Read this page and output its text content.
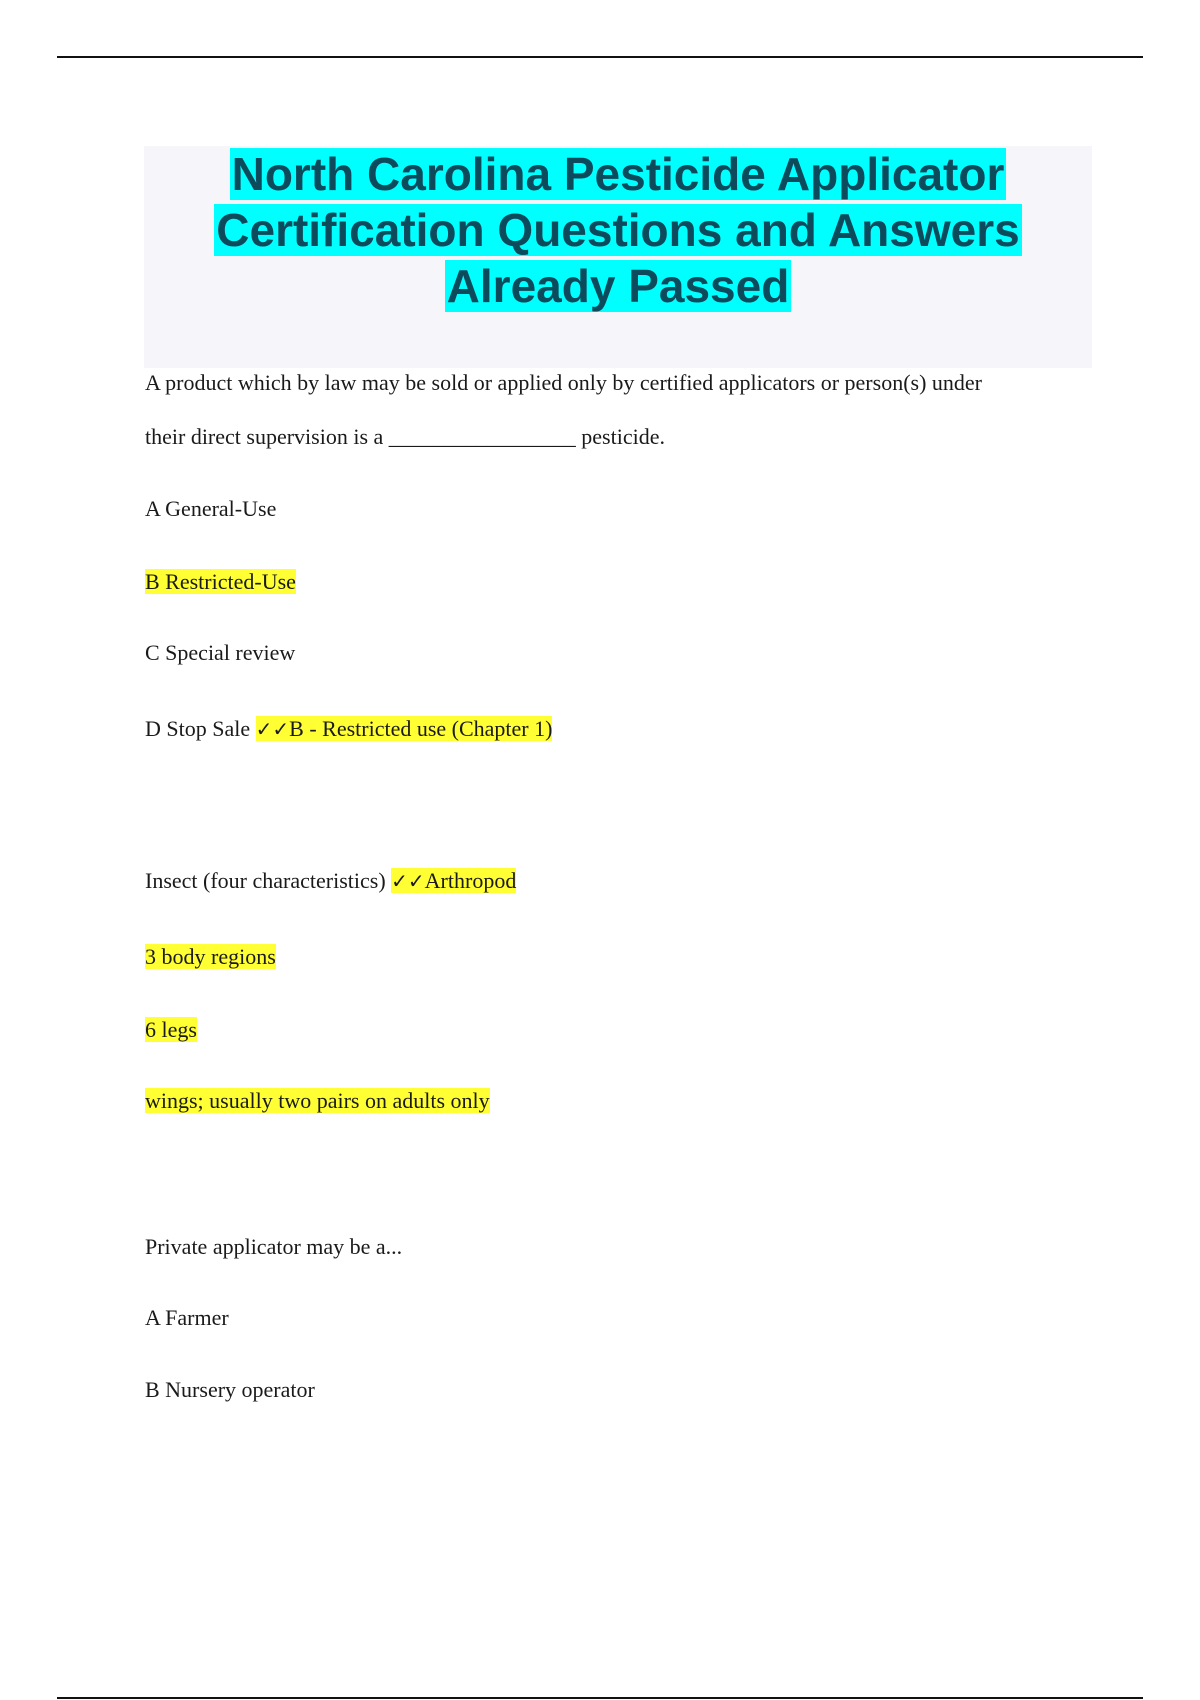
North Carolina Pesticide Applicator
Certification Questions and Answers
Already Passed
A product which by law may be sold or applied only by certified applicators or person(s) under
their direct supervision is a _________________ pesticide.
A General-Use
B Restricted-Use
C Special review
D Stop Sale ✓✓B - Restricted use (Chapter 1)
Insect (four characteristics) ✓✓Arthropod
3 body regions
6 legs
wings; usually two pairs on adults only
Private applicator may be a...
A Farmer
B Nursery operator
